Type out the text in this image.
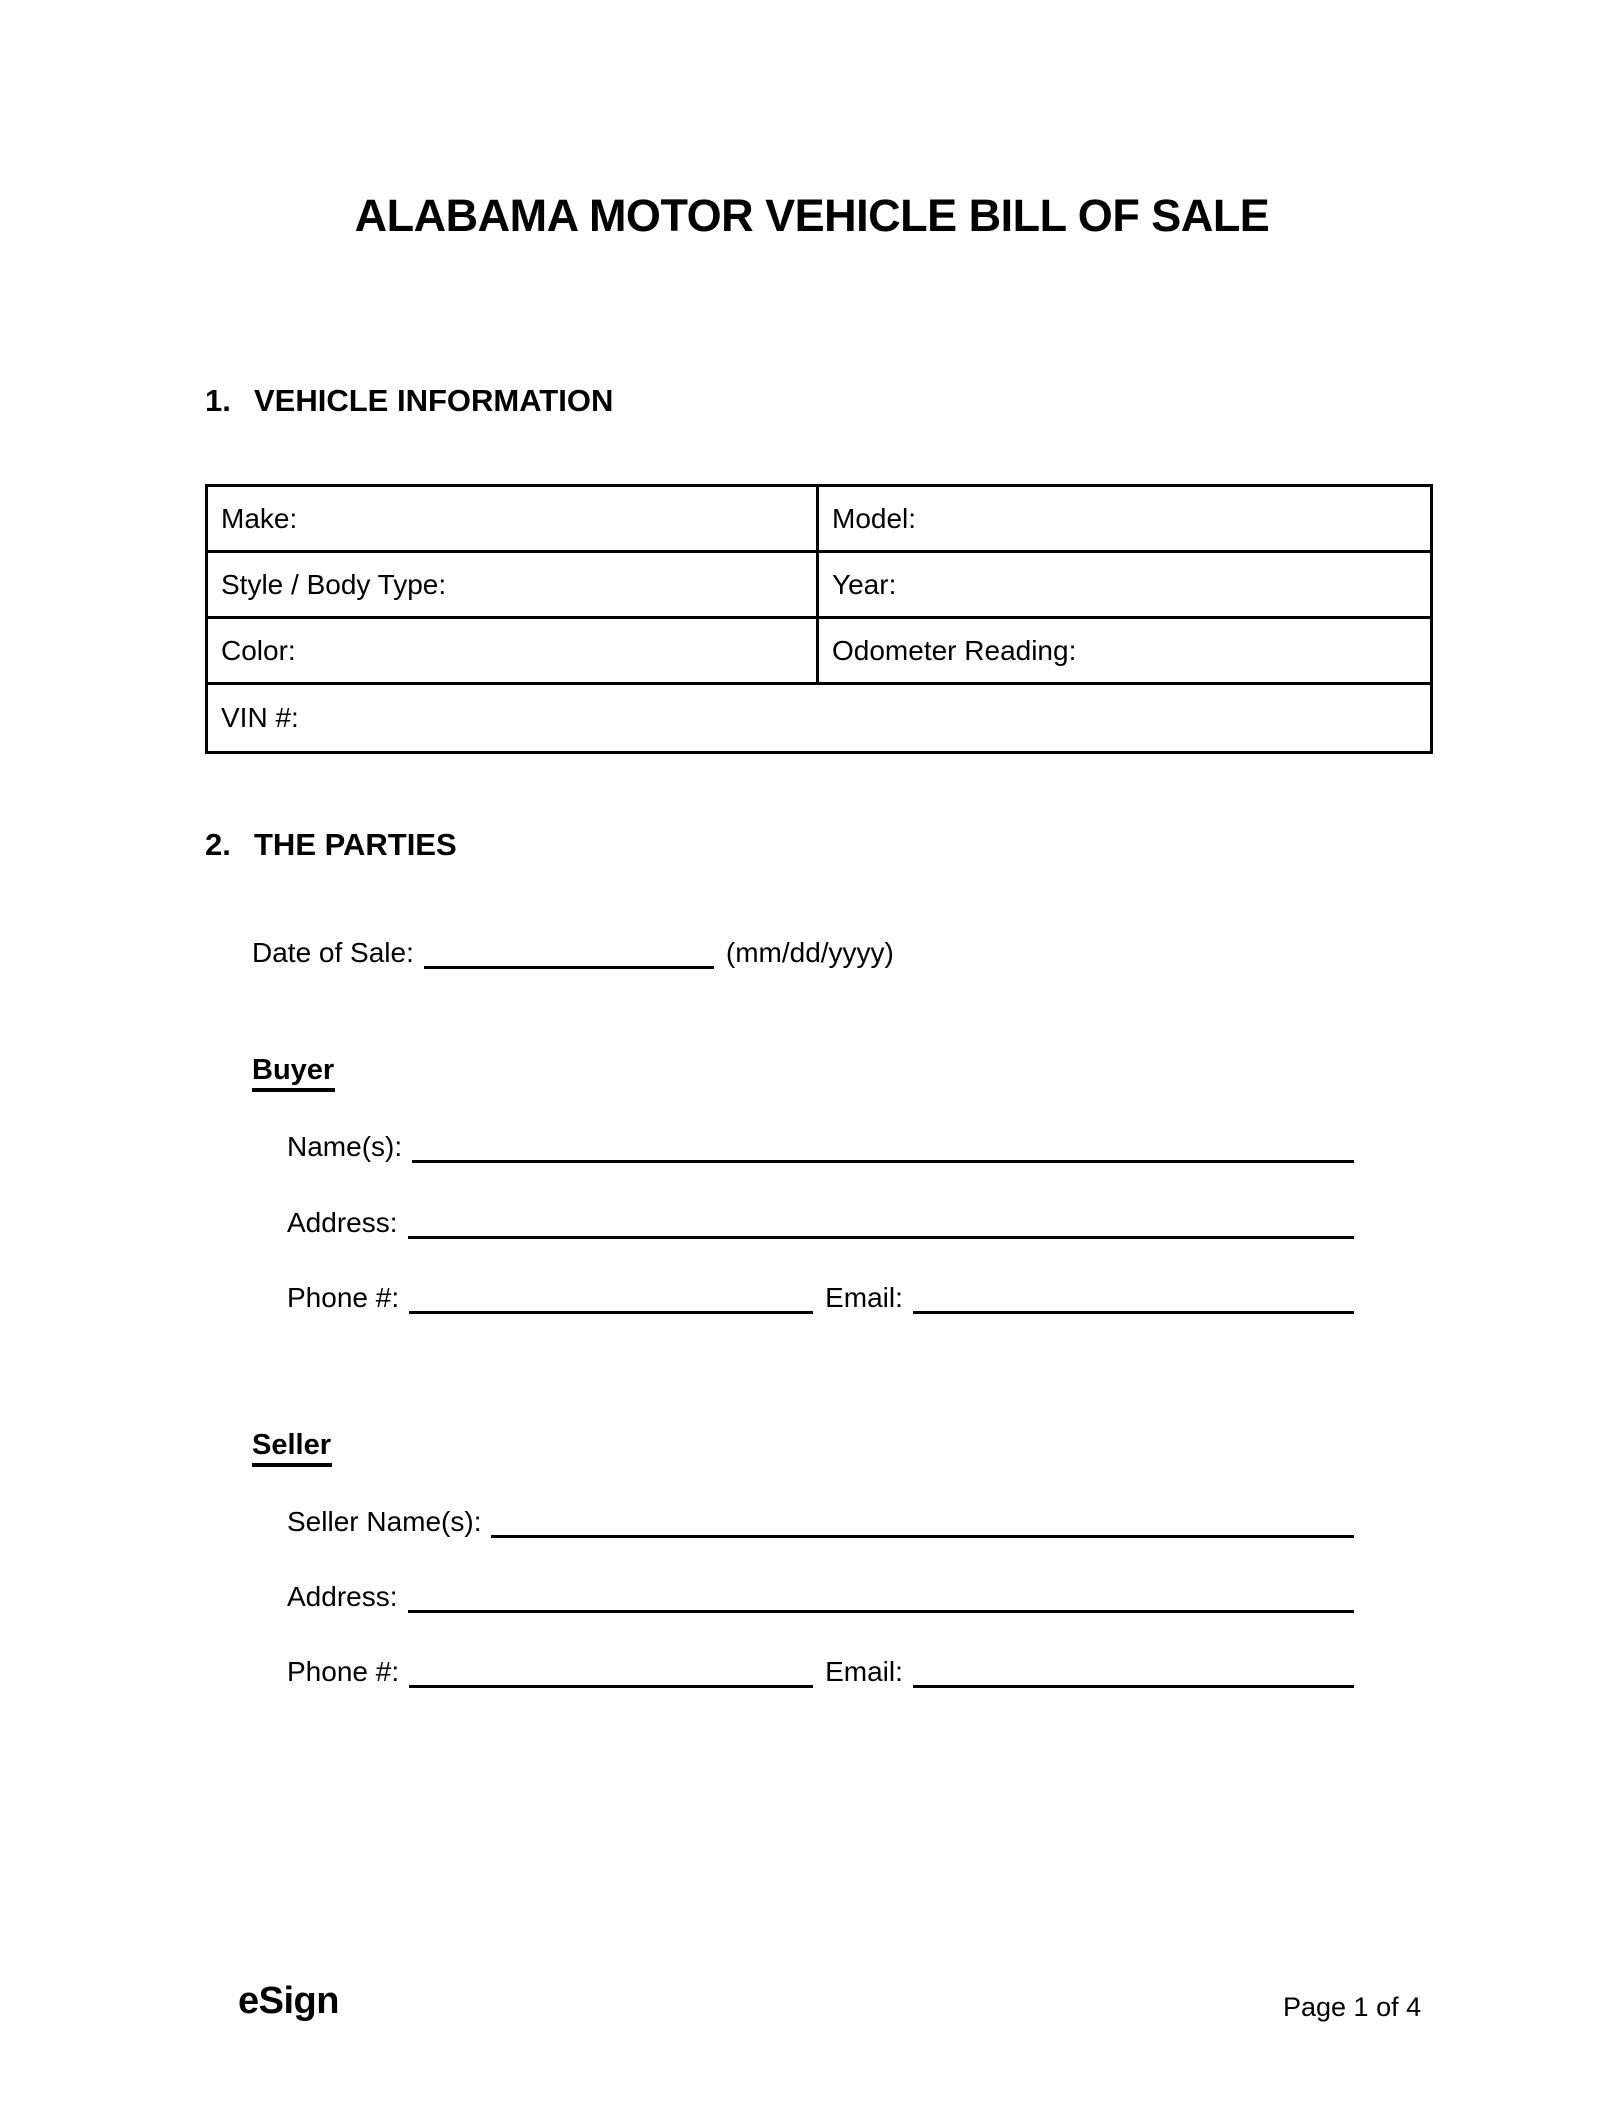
ALABAMA MOTOR VEHICLE BILL OF SALE
1. VEHICLE INFORMATION
Make:	Model:
Style / Body Type:	Year:
Color:	Odometer Reading:
VIN #:
2. THE PARTIES
Date of Sale:	(mm/dd/yyyy)
Buyer
Name(s):
Address:
Phone #:	Email:
Seller
Seller Name(s):
Address:
Phone #:	Email:
eSign	Page 1 of 4
